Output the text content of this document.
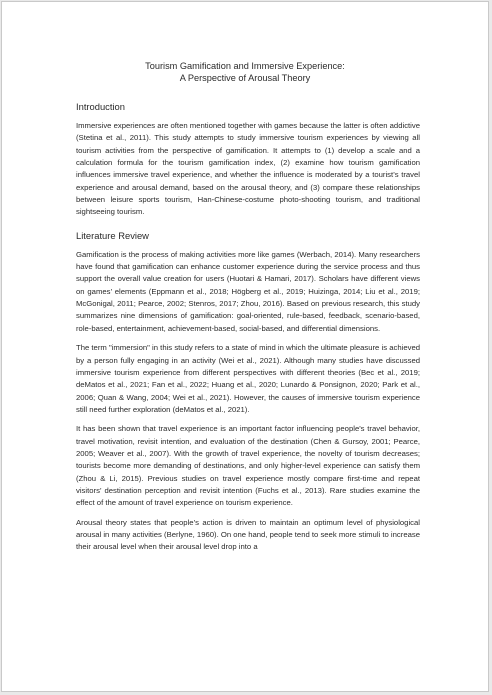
Tourism Gamification and Immersive Experience:
A Perspective of Arousal Theory
Introduction

Immersive experiences are often mentioned together with games because the latter is often addictive (Stetina et al., 2011). This study attempts to study immersive tourism experiences by viewing all tourism activities from the perspective of gamification. It attempts to (1) develop a scale and a calculation formula for the tourism gamification index, (2) examine how tourism gamification influences immersive travel experience, and whether the influence is moderated by a tourist’s travel experience and arousal demand, based on the arousal theory, and (3) compare these relationships between leisure sports tourism, Han-Chinese-costume photo-shooting tourism, and traditional sightseeing tourism.

Literature Review

Gamification is the process of making activities more like games (Werbach, 2014). Many researchers have found that gamification can enhance customer experience during the service process and thus support the overall value creation for users (Huotari & Hamari, 2017). Scholars have different views on games’ elements (Eppmann et al., 2018; Högberg et al., 2019; Huizinga, 2014; Liu et al., 2019; McGonigal, 2011; Pearce, 2002; Stenros, 2017; Zhou, 2016). Based on previous research, this study summarizes nine dimensions of gamification: goal-oriented, rule-based, feedback, scenario-based, role-based, entertainment, achievement-based, social-based, and differential dimensions.

The term "immersion" in this study refers to a state of mind in which the ultimate pleasure is achieved by a person fully engaging in an activity (Wei et al., 2021). Although many studies have discussed immersive tourism experience from different perspectives with different theories (Bec et al., 2019; deMatos et al., 2021; Fan et al., 2022; Huang et al., 2020; Lunardo & Ponsignon, 2020; Park et al., 2006; Quan & Wang, 2004; Wei et al., 2021). However, the causes of immersive tourism experience still need further exploration (deMatos et al., 2021).

It has been shown that travel experience is an important factor influencing people's travel behavior, travel motivation, revisit intention, and evaluation of the destination (Chen & Gursoy, 2001; Pearce, 2005; Weaver et al., 2007). With the growth of travel experience, the novelty of tourism decreases; tourists become more demanding of destinations, and only higher-level experience can satisfy them (Zhou & Li, 2015). Previous studies on travel experience mostly compare first-time and repeat visitors’ destination perception and revisit intention (Fuchs et al., 2013). Rare studies examine the effect of the amount of travel experience on tourism experience.

Arousal theory states that people’s action is driven to maintain an optimum level of physiological arousal in many activities (Berlyne, 1960). On one hand, people tend to seek more stimuli to increase their arousal level when their arousal level drop into a
